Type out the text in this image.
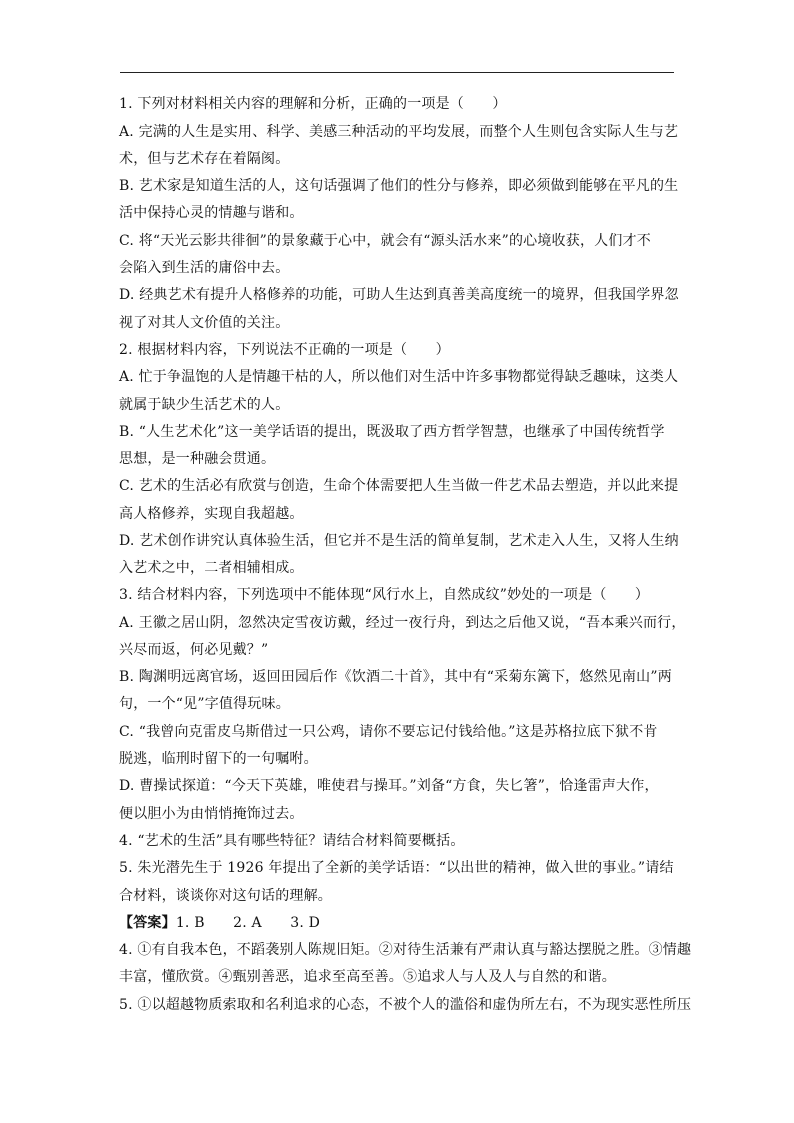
1. 下列对材料相关内容的理解和分析，正确的一项是（　　）
A. 完满的人生是实用、科学、美感三种活动的平均发展，而整个人生则包含实际人生与艺
术，但与艺术存在着隔阂。
B. 艺术家是知道生活的人，这句话强调了他们的性分与修养，即必须做到能够在平凡的生
活中保持心灵的情趣与谐和。
C. 将“天光云影共徘徊”的景象藏于心中，就会有“源头活水来”的心境收获，人们才不
会陷入到生活的庸俗中去。
D. 经典艺术有提升人格修养的功能，可助人生达到真善美高度统一的境界，但我国学界忽
视了对其人文价值的关注。
2. 根据材料内容，下列说法不正确的一项是（　　）
A. 忙于争温饱的人是情趣干枯的人，所以他们对生活中许多事物都觉得缺乏趣味，这类人
就属于缺少生活艺术的人。
B. “人生艺术化”这一美学话语的提出，既汲取了西方哲学智慧，也继承了中国传统哲学
思想，是一种融会贯通。
C. 艺术的生活必有欣赏与创造，生命个体需要把人生当做一件艺术品去塑造，并以此来提
高人格修养，实现自我超越。
D. 艺术创作讲究认真体验生活，但它并不是生活的简单复制，艺术走入人生，又将人生纳
入艺术之中，二者相辅相成。
3. 结合材料内容，下列选项中不能体现“风行水上，自然成纹”妙处的一项是（　　）
A. 王徽之居山阴，忽然决定雪夜访戴，经过一夜行舟，到达之后他又说，“吾本乘兴而行，
兴尽而返，何必见戴？”
B. 陶渊明远离官场，返回田园后作《饮酒二十首》，其中有“采菊东篱下，悠然见南山”两
句，一个“见”字值得玩味。
C. “我曾向克雷皮乌斯借过一只公鸡，请你不要忘记付钱给他。”这是苏格拉底下狱不肯
脱逃，临刑时留下的一句嘱咐。
D. 曹操试探道：“今天下英雄，唯使君与操耳。”刘备“方食，失匕箸”，恰逢雷声大作，
便以胆小为由悄悄掩饰过去。
4. “艺术的生活”具有哪些特征？请结合材料简要概括。
5. 朱光潜先生于 1926 年提出了全新的美学话语：“以出世的精神，做入世的事业。”请结
合材料，谈谈你对这句话的理解。
【答案】1. B　　2. A　　3. D
4. ①有自我本色，不蹈袭别人陈规旧矩。②对待生活兼有严肃认真与豁达摆脱之胜。③情趣
丰富，懂欣赏。④甄别善恶，追求至高至善。⑤追求人与人及人与自然的和谐。
5. ①以超越物质索取和名利追求的心态，不被个人的滥俗和虚伪所左右，不为现实恶性所压
